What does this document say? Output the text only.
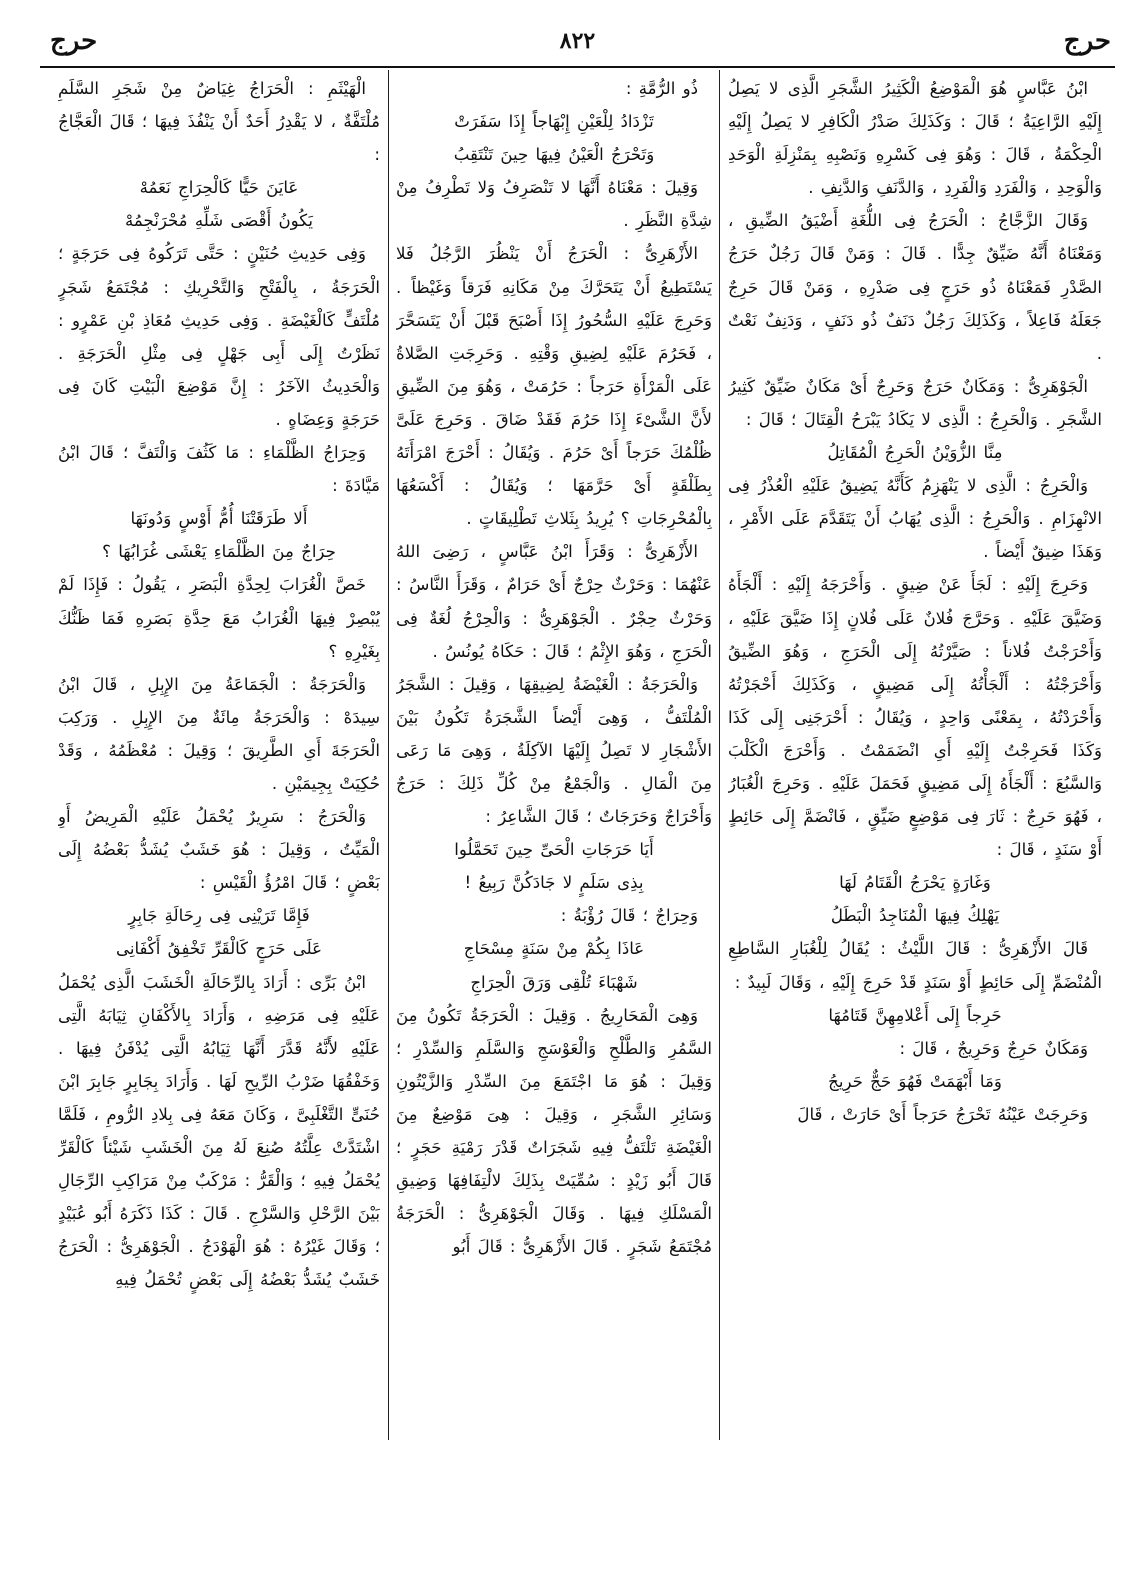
حرج
٨٢٢
حرج

ابْنُ عَبَّاسٍ هُوَ الْمَوْضِعُ الْكَثِيرُ الشَّجَرِ الَّذِى لا يَصِلُ إِلَيْهِ الرَّاعِيَةُ ؛ قَالَ : وَكَذَلِكَ صَدْرُ الْكَافِرِ لا يَصِلُ إِلَيْهِ الْحِكْمَةُ ، قَالَ : وَهُوَ فِى كَسْرِهِ وَنَصْبِهِ بِمَنْزِلَةِ الْوَحَدِ وَالْوَحِدِ ، وَالْفَرَدِ وَالْفَرِدِ ، وَالدَّنَفِ وَالدَّنِفِ .

وَقَالَ الزَّجَّاجُ : الْحَرَجُ فِى اللُّغَةِ أَضْيَقُ الضِّيقِ ، وَمَعْنَاهُ أَنَّهُ ضَيِّقٌ جِدًّا . قَالَ : وَمَنْ قَالَ رَجُلٌ حَرَجُ الصَّدْرِ فَمَعْنَاهُ ذُو حَرَجٍ فِى صَدْرِهِ ، وَمَنْ قَالَ حَرِجٌ جَعَلَهُ فَاعِلاً ، وَكَذَلِكَ رَجُلٌ دَنَفٌ ذُو دَنَفٍ ، وَدَنِفٌ نَعْتٌ .

الْجَوْهَرِىُّ : وَمَكَانٌ حَرَجٌ وَحَرِجٌ أَىْ مَكَانٌ ضَيِّقٌ كَثِيرُ الشَّجَرِ . وَالْحَرِجُ : الَّذِى لا يَكَادُ يَبْرَحُ الْقِتَالَ ؛ قَالَ :

مِنَّا الزُّوَيْنُ الْحَرِجُ الْمُقَاتِلُ

وَالْحَرِجُ : الَّذِى لا يَنْهَزِمُ كَأَنَّهُ يَضِيقُ عَلَيْهِ الْعُذْرُ فِى الانْهِزَامِ . وَالْحَرِجُ : الَّذِى يُهَابُ أَنْ يَتَقَدَّمَ عَلَى الأَمْرِ ، وَهَذَا ضِيقٌ أَيْضاً .

وَحَرِجَ إِلَيْهِ : لَجَأَ عَنْ ضِيقٍ . وَأَحْرَجَهُ إِلَيْهِ : أَلْجَأَهُ وَضَيَّقَ عَلَيْهِ . وَحَرَّجَ فُلانٌ عَلَى فُلانٍ إِذَا ضَيَّقَ عَلَيْهِ ، وَأَحْرَجْتُ فُلاناً : صَيَّرْتُهُ إِلَى الْحَرَجِ ، وَهُوَ الضِّيقُ وَأَحْرَجْتُهُ : أَلْجَأْتُهُ إِلَى مَضِيقٍ ، وَكَذَلِكَ أَحْجَرْتُهُ وَأَحْرَدْتُهُ ، بِمَعْنًى وَاحِدٍ ، وَيُقَالُ : أَحْرَجَنِى إِلَى كَذَا وَكَذَا فَحَرِجْتُ إِلَيْهِ أَىِ انْضَمَمْتُ . وَأَحْرَجَ الْكَلْبَ وَالسَّبُعَ : أَلْجَأَهُ إِلَى مَضِيقٍ فَحَمَلَ عَلَيْهِ . وَحَرِجَ الْغُبَارُ ، فَهُوَ حَرِجٌ : ثَارَ فِى مَوْضِعٍ ضَيِّقٍ ، فَانْضَمَّ إِلَى حَائِطٍ أَوْ سَنَدٍ ، قَالَ :

وَغَارَةٍ يَحْرَجُ الْقَتَامُ لَهَا

يَهْلِكُ فِيهَا الْمُنَاجِدُ الْبَطَلُ

قَالَ الأَزْهَرِىُّ : قَالَ اللَّيْثُ : يُقَالُ لِلْغُبَارِ السَّاطِعِ الْمُنْضَمِّ إِلَى حَائِطٍ أَوْ سَنَدٍ قَدْ حَرِجَ إِلَيْهِ ، وَقَالَ لَبِيدٌ :

حَرِجاً إِلَى أَعْلامِهِنَّ قَتَامُهَا

وَمَكَانٌ حَرِجٌ وَحَرِيجٌ ، قَالَ :

وَمَا أَبْهَمَتْ فَهُوَ حَجٌّ حَرِيجُ

وَحَرِجَتْ عَيْنُهُ تَحْرَجُ حَرَجاً أَىْ حَارَتْ ، قَالَ

ذُو الرُّمَّةِ :

تَزْدَادُ لِلْعَيْنِ إِبْهَاجاً إِذَا سَفَرَتْ

وَتَحْرَجُ الْعَيْنُ فِيهَا حِينَ تَنْتَقِبُ

وَقِيلَ : مَعْنَاهُ أَنَّهَا لا تَنْصَرِفُ وَلا تَطْرِفُ مِنْ شِدَّةِ النَّظَرِ .

الأَزْهَرِىُّ : الْحَرَجُ أَنْ يَنْظُرَ الرَّجُلُ فَلا يَسْتَطِيعُ أَنْ يَتَحَرَّكَ مِنْ مَكَانِهِ فَرَقاً وَغَيْظاً . وَحَرِجَ عَلَيْهِ السُّحُورُ إِذَا أَصْبَحَ قَبْلَ أَنْ يَتَسَحَّرَ ، فَحَرُمَ عَلَيْهِ لِضِيقِ وَقْتِهِ . وَحَرِجَتِ الصَّلاةُ عَلَى الْمَرْأَةِ حَرَجاً : حَرُمَتْ ، وَهُوَ مِنَ الضِّيقِ لأَنَّ الشَّىْءَ إِذَا حَرُمَ فَقَدْ ضَاقَ . وَحَرِجَ عَلَىَّ ظُلْمُكَ حَرَجاً أَىْ حَرُمَ . وَيُقَالُ : أَحْرَجَ امْرَأَتَهُ بِطَلْقَةٍ أَىْ حَرَّمَهَا ؛ وَيُقَالُ : أَكْسَعُهَا بِالْمُحْرِجَاتِ ؟ يُرِيدُ بِثَلاثِ تَطْلِيقَاتٍ .

الأَزْهَرِىُّ : وَقَرَأَ ابْنُ عَبَّاسٍ ، رَضِىَ اللهُ عَنْهُمَا : وَحَرْثٌ حِرْجٌ أَىْ حَرَامٌ ، وَقَرَأَ النَّاسُ : وَحَرْثٌ حِجْرٌ . الْجَوْهَرِىُّ : وَالْحِرْجُ لُغَةٌ فِى الْحَرَجِ ، وَهُوَ الإِثْمُ ؛ قَالَ : حَكَاهُ يُونُسُ .

وَالْحَرَجَةُ : الْغَيْضَةُ لِضِيقِهَا ، وَقِيلَ : الشَّجَرُ الْمُلْتَفُّ ، وَهِىَ أَيْضاً الشَّجَرَةُ تَكُونُ بَيْنَ الأَشْجَارِ لا تَصِلُ إِلَيْهَا الآكِلَةُ ، وَهِىَ مَا رَعَى مِنَ الْمَالِ . وَالْجَمْعُ مِنْ كُلِّ ذَلِكَ : حَرَجٌ وَأَحْرَاجٌ وَحَرَجَاتٌ ؛ قَالَ الشَّاعِرُ :

أَيَا حَرَجَاتِ الْحَىِّ حِينَ تَحَمَّلُوا

بِذِى سَلَمٍ لا جَادَكُنَّ رَبِيعُ !

وَحِرَاجٌ ؛ قَالَ رُؤْبَةُ :

عَاذَا بِكُمْ مِنْ سَنَةٍ مِسْحَاجِ

شَهْبَاءَ تُلْقِى وَرَقَ الْحِرَاجِ

وَهِىَ الْمَحَارِيجُ . وَقِيلَ : الْحَرَجَةُ تَكُونُ مِنَ السَّمُرِ وَالطَّلْحِ وَالْعَوْسَجِ وَالسَّلَمِ وَالسِّدْرِ ؛ وَقِيلَ : هُوَ مَا اجْتَمَعَ مِنَ السِّدْرِ وَالزَّيْتُونِ وَسَائِرِ الشَّجَرِ ، وَقِيلَ : هِىَ مَوْضِعٌ مِنَ الْغَيْضَةِ تَلْتَفُّ فِيهِ شَجَرَاتٌ قَدْرَ رَمْيَةِ حَجَرٍ ؛ قَالَ أَبُو زَيْدٍ : سُمِّيَتْ بِذَلِكَ لالْتِفَافِهَا وَضِيقِ الْمَسْلَكِ فِيهَا . وَقَالَ الْجَوْهَرِىُّ : الْحَرَجَةُ مُجْتَمَعُ شَجَرٍ . قَالَ الأَزْهَرِىُّ : قَالَ أَبُو

الْهَيْثَمِ : الْحَرَاجُ غِيَاضٌ مِنْ شَجَرِ السَّلَمِ مُلْتَفَّةٌ ، لا يَقْدِرُ أَحَدٌ أَنْ يَنْفُذَ فِيهَا ؛ قَالَ الْعَجَّاجُ :

عَايَنَ حَيًّا كَالْحِرَاجِ نَعَمُهْ

يَكُونُ أَقْصَى شَلِّهِ مُحْرَنْجِمُهْ

وَفِى حَدِيثِ حُنَيْنٍ : حَتَّى تَرَكُوهُ فِى حَرَجَةٍ ؛ الْحَرَجَةُ ، بِالْفَتْحِ وَالتَّحْرِيكِ : مُجْتَمَعُ شَجَرٍ مُلْتَفٍّ كَالْغَيْضَةِ . وَفِى حَدِيثِ مُعَاذِ بْنِ عَمْرٍو : نَظَرْتُ إِلَى أَبِى جَهْلٍ فِى مِثْلِ الْحَرَجَةِ . وَالْحَدِيثُ الآخَرُ : إِنَّ مَوْضِعَ الْبَيْتِ كَانَ فِى حَرَجَةٍ وَعِضَاهٍ .

وَحِرَاجُ الظَّلْمَاءِ : مَا كَثُفَ وَالْتَفَّ ؛ قَالَ ابْنُ مَيَّادَةَ :

أَلا طَرَقَتْنَا أُمُّ أَوْسٍ وَدُونَهَا

حِرَاجٌ مِنَ الظَّلْمَاءِ يَعْشَى غُرَابُهَا ؟

خَصَّ الْغُرَابَ لِحِدَّةِ الْبَصَرِ ، يَقُولُ : فَإِذَا لَمْ يُبْصِرْ فِيهَا الْغُرَابُ مَعَ حِدَّةِ بَصَرِهِ فَمَا ظَنُّكَ بِغَيْرِهِ ؟

وَالْحَرَجَةُ : الْجَمَاعَةُ مِنَ الإِبِلِ ، قَالَ ابْنُ سِيدَهْ : وَالْحَرَجَةُ مِائَةٌ مِنَ الإِبِلِ . وَرَكِبَ الْحَرَجَةَ أَىِ الطَّرِيقَ ؛ وَقِيلَ : مُعْظَمُهُ ، وَقَدْ حُكِيَتْ بِجِيمَيْنِ .

وَالْحَرَجُ : سَرِيرٌ يُحْمَلُ عَلَيْهِ الْمَرِيضُ أَوِ الْمَيِّتُ ، وَقِيلَ : هُوَ خَشَبٌ يُشَدُّ بَعْضُهُ إِلَى بَعْضٍ ؛ قَالَ امْرُؤُ الْقَيْسِ :

فَإِمَّا تَرَيْنِى فِى رِحَالَةِ جَابِرٍ

عَلَى حَرَجٍ كَالْقَرِّ تَخْفِقُ أَكْفَانِى

ابْنُ بَرِّى : أَرَادَ بِالرِّحَالَةِ الْخَشَبَ الَّذِى يُحْمَلُ عَلَيْهِ فِى مَرَضِهِ ، وَأَرَادَ بِالأَكْفَانِ ثِيَابَهُ الَّتِى عَلَيْهِ لأَنَّهُ قَدَّرَ أَنَّهَا ثِيَابُهُ الَّتِى يُدْفَنُ فِيهَا . وَخَفْقُهَا ضَرْبُ الرِّيحِ لَهَا . وَأَرَادَ بِجَابِرٍ جَابِرَ ابْنَ حُنَىٍّ التَّغْلَبِىَّ ، وَكَانَ مَعَهُ فِى بِلادِ الرُّومِ ، فَلَمَّا اشْتَدَّتْ عِلَّتُهُ صُنِعَ لَهُ مِنَ الْخَشَبِ شَيْئاً كَالْقَرِّ يُحْمَلُ فِيهِ ؛ وَالْقَرُّ : مَرْكَبٌ مِنْ مَرَاكِبِ الرِّجَالِ بَيْنَ الرَّحْلِ وَالسَّرْجِ . قَالَ : كَذَا ذَكَرَهُ أَبُو عُبَيْدٍ ؛ وَقَالَ غَيْرُهُ : هُوَ الْهَوْدَجُ . الْجَوْهَرِىُّ : الْحَرَجُ خَشَبٌ يُشَدُّ بَعْضُهُ إِلَى بَعْضٍ تُحْمَلُ فِيهِ
